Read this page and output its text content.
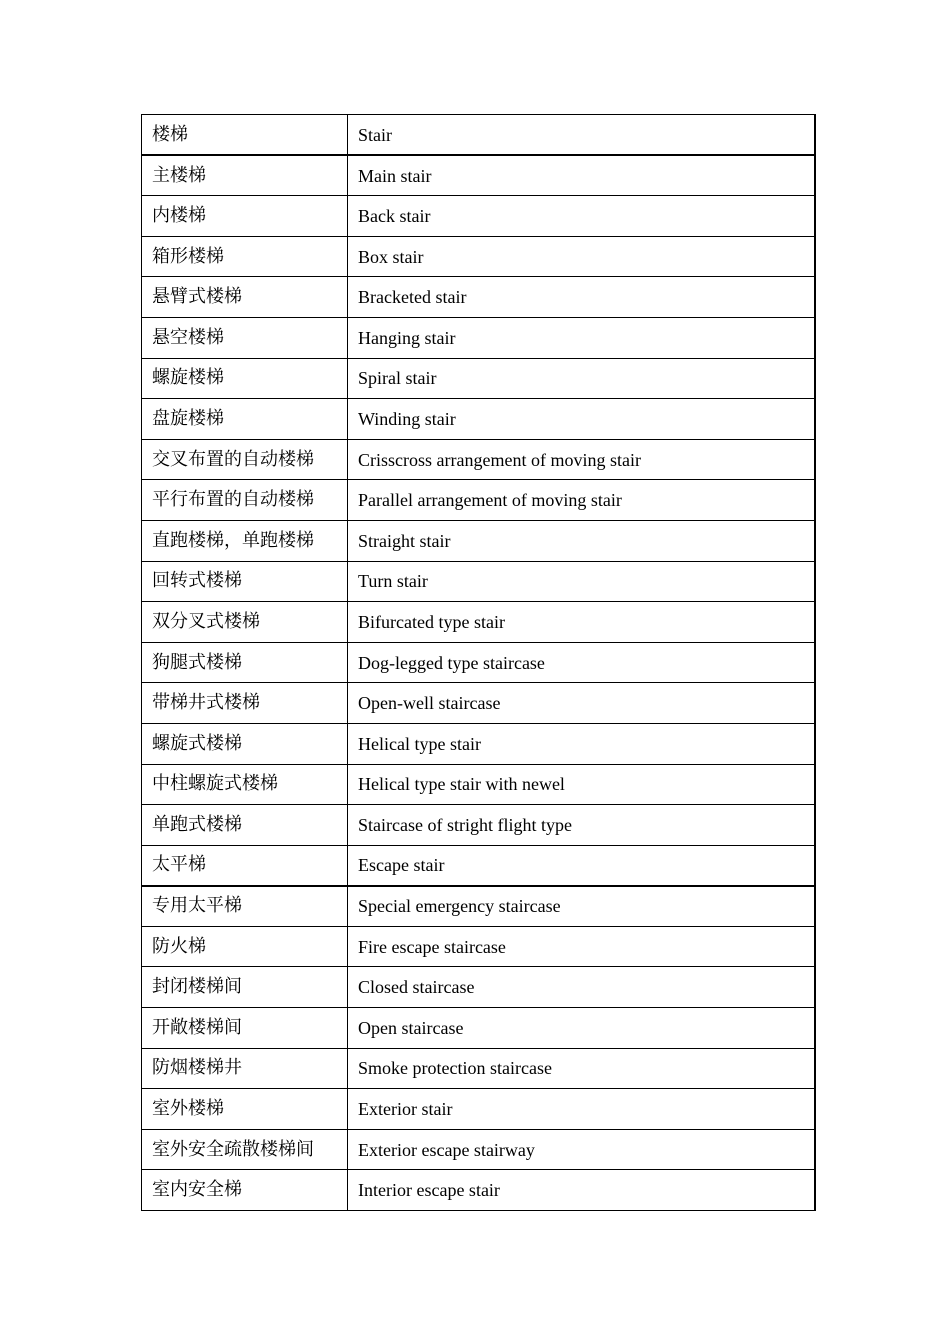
楼梯	Stair
主楼梯	Main stair
内楼梯	Back stair
箱形楼梯	Box stair
悬臂式楼梯	Bracketed stair
悬空楼梯	Hanging stair
螺旋楼梯	Spiral stair
盘旋楼梯	Winding stair
交叉布置的自动楼梯	Crisscross arrangement of moving stair
平行布置的自动楼梯	Parallel arrangement of moving stair
直跑楼梯，单跑楼梯	Straight stair
回转式楼梯	Turn stair
双分叉式楼梯	Bifurcated type stair
狗腿式楼梯	Dog-legged type staircase
带梯井式楼梯	Open-well staircase
螺旋式楼梯	Helical type stair
中柱螺旋式楼梯	Helical type stair with newel
单跑式楼梯	Staircase of stright flight type
太平梯	Escape stair
专用太平梯	Special emergency staircase
防火梯	Fire escape staircase
封闭楼梯间	Closed staircase
开敞楼梯间	Open staircase
防烟楼梯井	Smoke protection staircase
室外楼梯	Exterior stair
室外安全疏散楼梯间	Exterior escape stairway
室内安全梯	Interior escape stair
